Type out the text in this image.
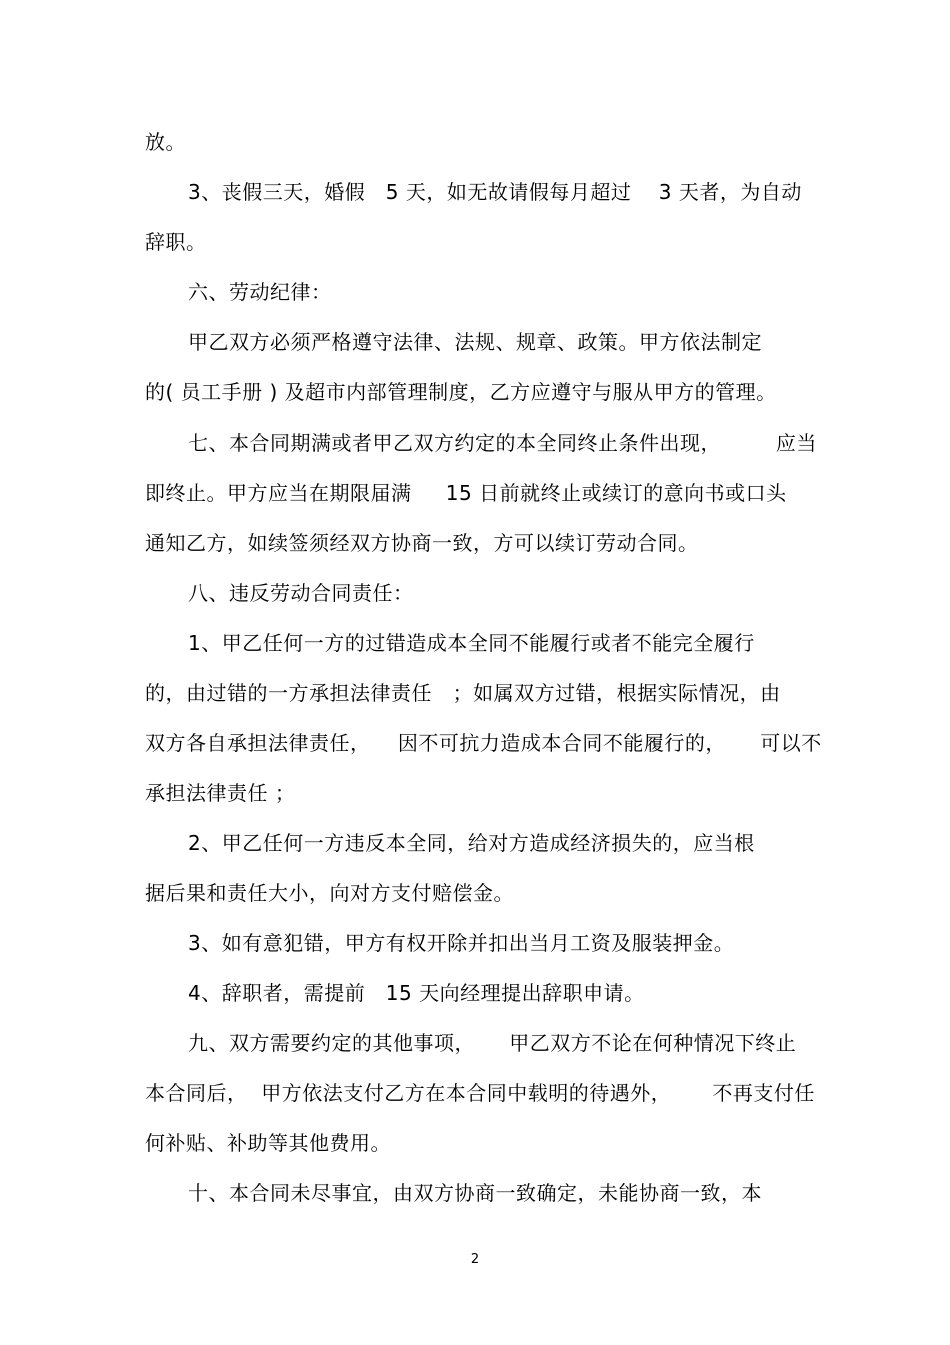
放。
3、丧假三天，婚假   5 天，如无故请假每月超过    3 天者，为自动
辞职。
六、劳动纪律：
甲乙双方必须严格遵守法律、法规、规章、政策。甲方依法制定
的( 员工手册 ) 及超市内部管理制度，乙方应遵守与服从甲方的管理。
七、本合同期满或者甲乙双方约定的本全同终止条件出现，        应当
即终止。甲方应当在期限届满     15 日前就终止或续订的意向书或口头
通知乙方，如续签须经双方协商一致，方可以续订劳动合同。
八、违反劳动合同责任：
1、甲乙任何一方的过错造成本全同不能履行或者不能完全履行
的，由过错的一方承担法律责任   ；如属双方过错，根据实际情况，由
双方各自承担法律责任，    因不可抗力造成本合同不能履行的，     可以不
承担法律责任 ；
2、甲乙任何一方违反本全同，给对方造成经济损失的，应当根
据后果和责任大小，向对方支付赔偿金。
3、如有意犯错，甲方有权开除并扣出当月工资及服装押金。
4、辞职者，需提前   15 天向经理提出辞职申请。
九、双方需要约定的其他事项，     甲乙双方不论在何种情况下终止
本合同后，  甲方依法支付乙方在本合同中载明的待遇外，      不再支付任
何补贴、补助等其他费用。
十、本合同未尽事宜，由双方协商一致确定，未能协商一致，本
2
